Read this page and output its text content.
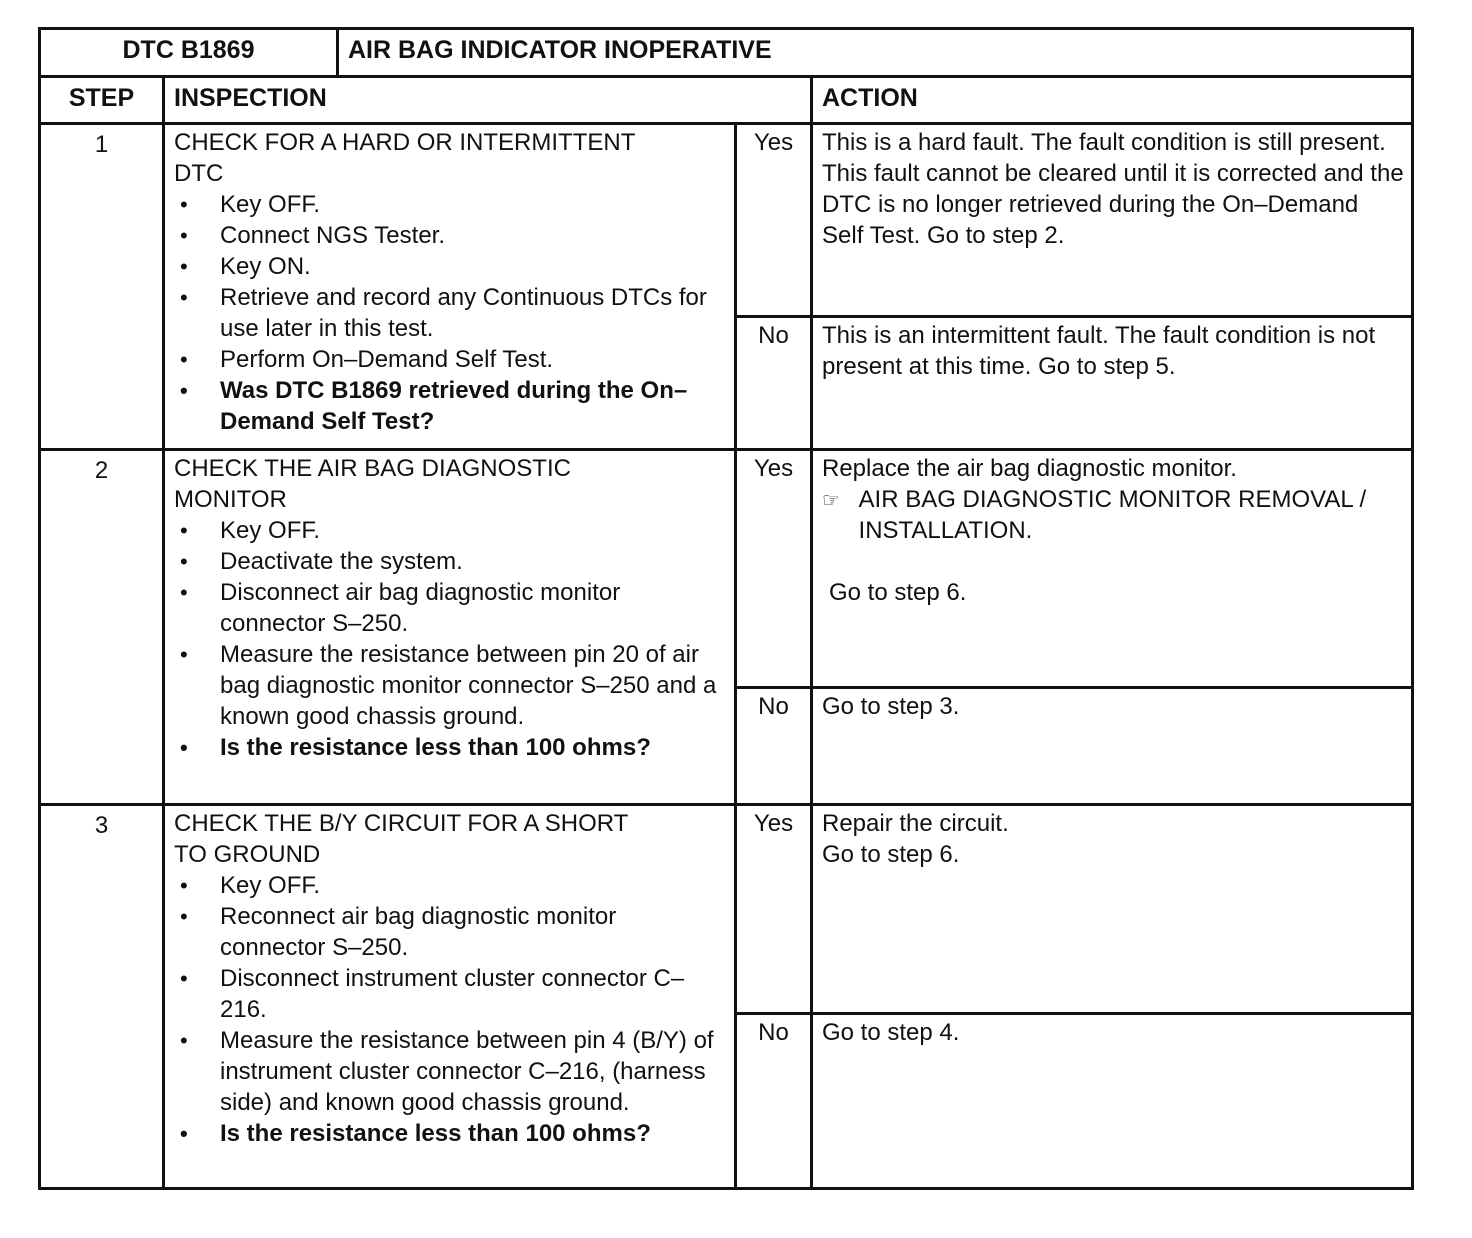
DTC B1869	AIR BAG INDICATOR INOPERATIVE
STEP	INSPECTION	ACTION
1	CHECK FOR A HARD OR INTERMITTENT
DTC
• Key OFF.
• Connect NGS Tester.
• Key ON.
• Retrieve and record any Continuous DTCs for use later in this test.
• Perform On–Demand Self Test.
• Was DTC B1869 retrieved during the On–Demand Self Test?
Yes	This is a hard fault. The fault condition is still present. This fault cannot be cleared until it is corrected and the DTC is no longer retrieved during the On–Demand Self Test. Go to step 2.
No	This is an intermittent fault. The fault condition is not present at this time. Go to step 5.
2	CHECK THE AIR BAG DIAGNOSTIC
MONITOR
• Key OFF.
• Deactivate the system.
• Disconnect air bag diagnostic monitor connector S–250.
• Measure the resistance between pin 20 of air bag diagnostic monitor connector S–250 and a known good chassis ground.
• Is the resistance less than 100 ohms?
Yes	Replace the air bag diagnostic monitor.
☞ AIR BAG DIAGNOSTIC MONITOR REMOVAL / INSTALLATION.
Go to step 6.
No	Go to step 3.
3	CHECK THE B/Y CIRCUIT FOR A SHORT
TO GROUND
• Key OFF.
• Reconnect air bag diagnostic monitor connector S–250.
• Disconnect instrument cluster connector C–216.
• Measure the resistance between pin 4 (B/Y) of instrument cluster connector C–216, (harness side) and known good chassis ground.
• Is the resistance less than 100 ohms?
Yes	Repair the circuit.
Go to step 6.
No	Go to step 4.
